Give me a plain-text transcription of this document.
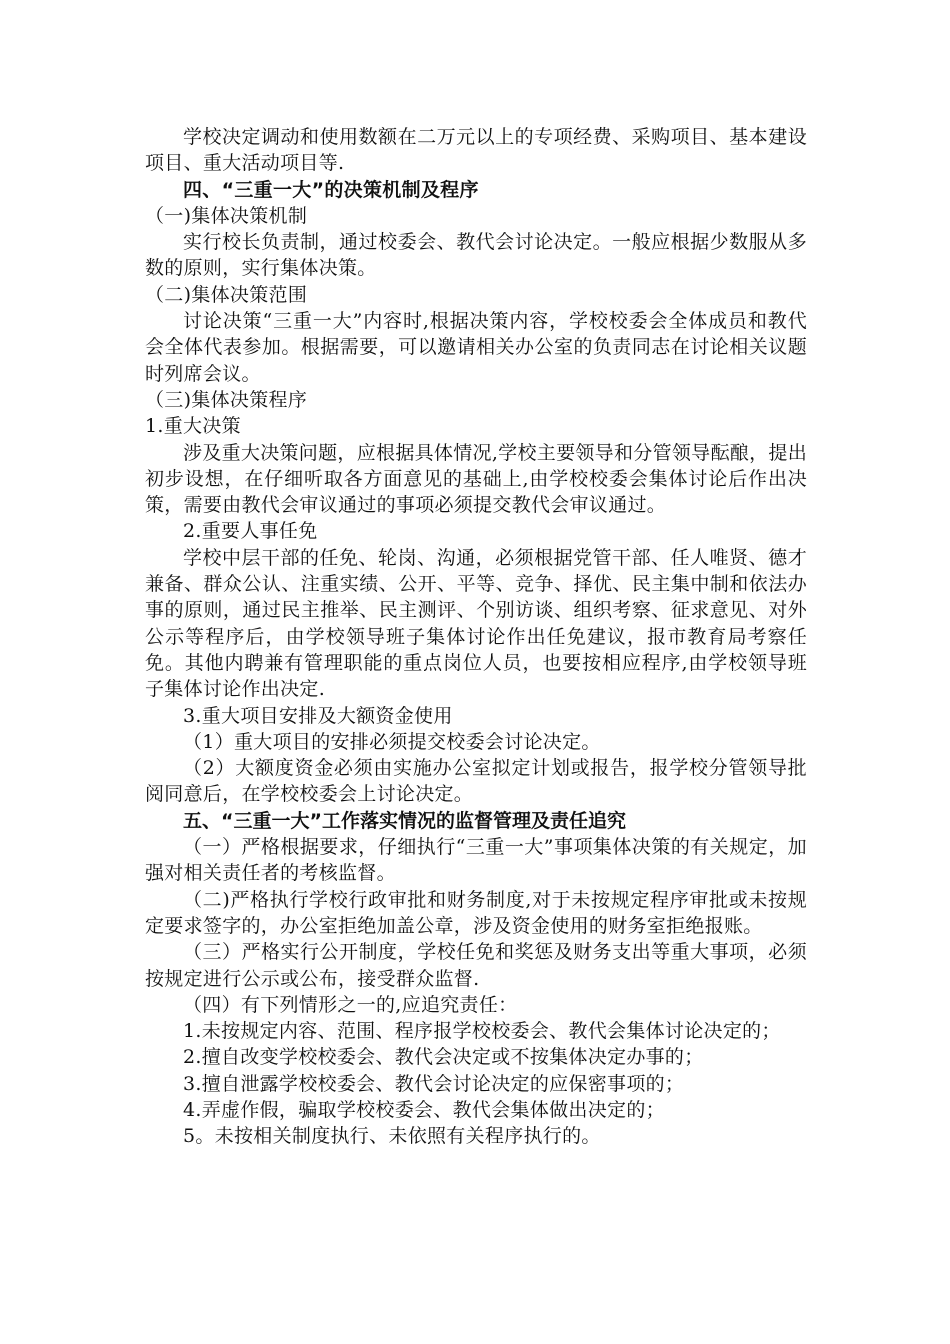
学校决定调动和使用数额在二万元以上的专项经费、采购项目、基本建设项目、重大活动项目等.

四、“三重一大”的决策机制及程序

（一)集体决策机制

实行校长负责制，通过校委会、教代会讨论决定。一般应根据少数服从多数的原则，实行集体决策。

（二)集体决策范围

讨论决策“三重一大”内容时,根据决策内容，学校校委会全体成员和教代会全体代表参加。根据需要，可以邀请相关办公室的负责同志在讨论相关议题时列席会议。

（三)集体决策程序

1.重大决策

涉及重大决策问题，应根据具体情况,学校主要领导和分管领导酝酿，提出初步设想，在仔细听取各方面意见的基础上,由学校校委会集体讨论后作出决策，需要由教代会审议通过的事项必须提交教代会审议通过。

2.重要人事任免

学校中层干部的任免、轮岗、沟通，必须根据党管干部、任人唯贤、德才兼备、群众公认、注重实绩、公开、平等、竞争、择优、民主集中制和依法办事的原则，通过民主推举、民主测评、个别访谈、组织考察、征求意见、对外公示等程序后，由学校领导班子集体讨论作出任免建议，报市教育局考察任免。其他内聘兼有管理职能的重点岗位人员，也要按相应程序,由学校领导班子集体讨论作出决定.

3.重大项目安排及大额资金使用

（1）重大项目的安排必须提交校委会讨论决定。

（2）大额度资金必须由实施办公室拟定计划或报告，报学校分管领导批阅同意后，在学校校委会上讨论决定。

五、“三重一大”工作落实情况的监督管理及责任追究

（一）严格根据要求，仔细执行“三重一大”事项集体决策的有关规定，加强对相关责任者的考核监督。

（二)严格执行学校行政审批和财务制度,对于未按规定程序审批或未按规定要求签字的，办公室拒绝加盖公章，涉及资金使用的财务室拒绝报账。

（三）严格实行公开制度，学校任免和奖惩及财务支出等重大事项，必须按规定进行公示或公布，接受群众监督.

（四）有下列情形之一的,应追究责任：

1.未按规定内容、范围、程序报学校校委会、教代会集体讨论决定的；

2.擅自改变学校校委会、教代会决定或不按集体决定办事的；

3.擅自泄露学校校委会、教代会讨论决定的应保密事项的；

4.弄虚作假，骗取学校校委会、教代会集体做出决定的；

5。未按相关制度执行、未依照有关程序执行的。
